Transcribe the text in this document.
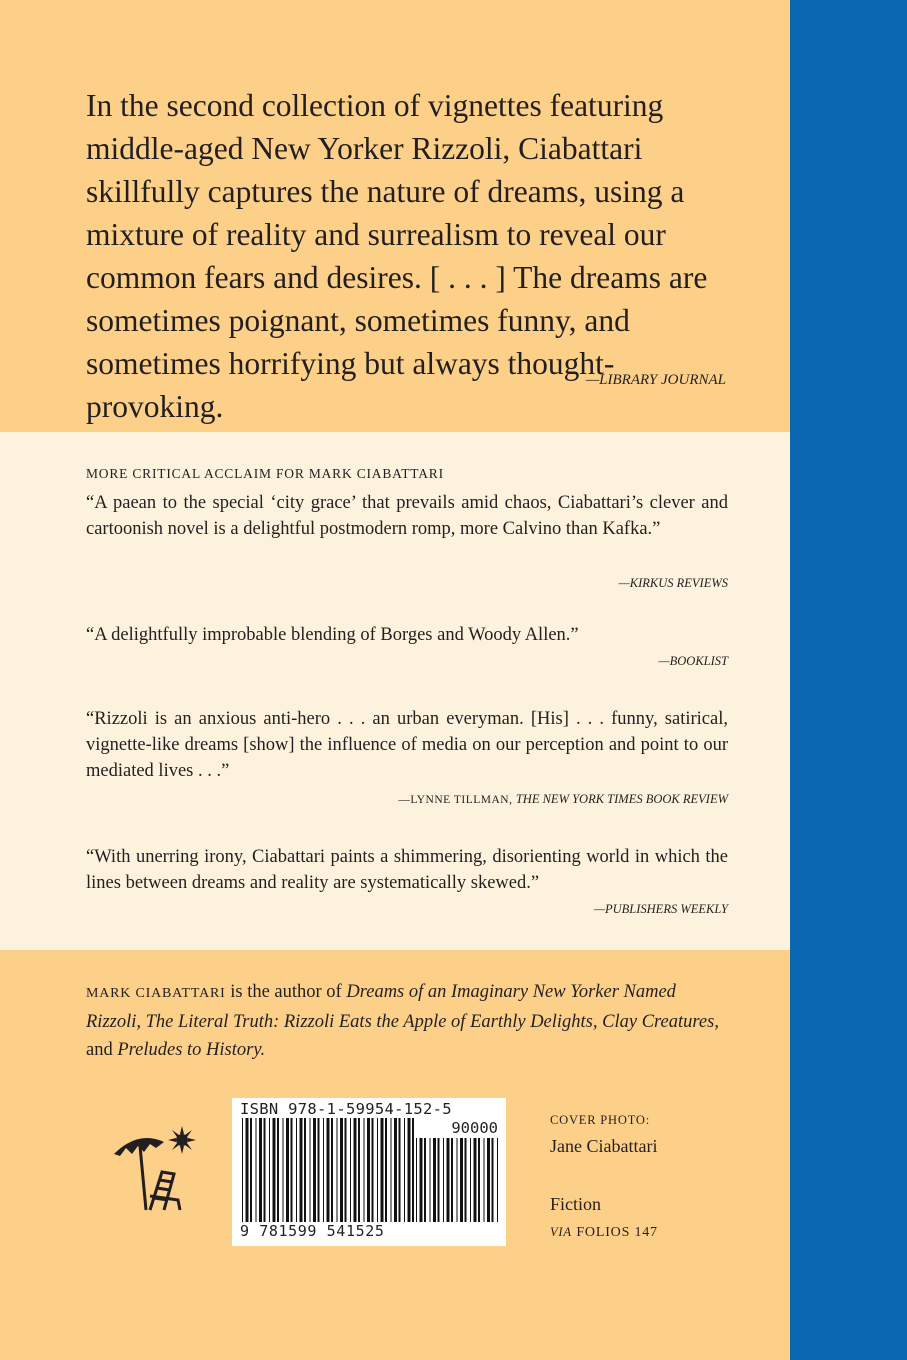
In the second collection of vignettes featuring middle-aged New Yorker Rizzoli, Ciabattari skillfully captures the nature of dreams, using a mixture of reality and surrealism to reveal our common fears and desires. [ . . . ] The dreams are sometimes poignant, sometimes funny, and sometimes horrifying but always thought-provoking.
—LIBRARY JOURNAL
MORE CRITICAL ACCLAIM FOR MARK CIABATTARI
“A paean to the special ‘city grace’ that prevails amid chaos, Ciabattari’s clever and cartoonish novel is a delightful postmodern romp, more Calvino than Kafka.”
—KIRKUS REVIEWS
“A delightfully improbable blending of Borges and Woody Allen.”
—BOOKLIST
“Rizzoli is an anxious anti-hero . . . an urban everyman. [His] . . . funny, satirical, vignette-like dreams [show] the influence of media on our perception and point to our mediated lives . . .”
—LYNNE TILLMAN, THE NEW YORK TIMES BOOK REVIEW
“With unerring irony, Ciabattari paints a shimmering, disorienting world in which the lines between dreams and reality are systematically skewed.”
—PUBLISHERS WEEKLY
MARK CIABATTARI is the author of Dreams of an Imaginary New Yorker Named Rizzoli, The Literal Truth: Rizzoli Eats the Apple of Earthly Delights, Clay Creatures, and Preludes to History.
ISBN 978-1-59954-152-5
90000
9 781599 541525
COVER PHOTO:
Jane Ciabattari
Fiction
VIA FOLIOS 147
